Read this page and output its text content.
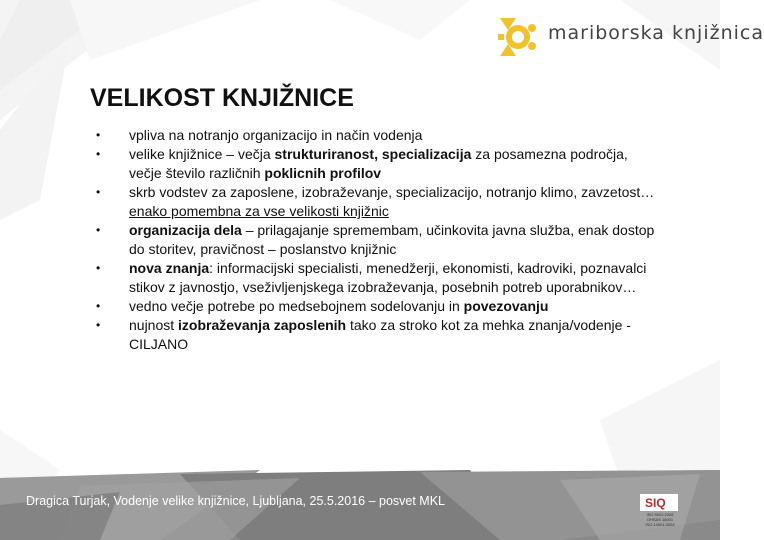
mariborska knjižnica
VELIKOST KNJIŽNICE
• vpliva na notranjo organizacijo in način vodenja
• velike knjižnice – večja strukturiranost, specializacija za posamezna področja, večje število različnih poklicnih profilov
• skrb vodstev za zaposlene, izobraževanje, specializacijo, notranjo klimo, zavzetost… enako pomembna za vse velikosti knjižnic
• organizacija dela – prilagajanje spremembam, učinkovita javna služba, enak dostop do storitev, pravičnost – poslanstvo knjižnic
• nova znanja: informacijski specialisti, menedžerji, ekonomisti, kadroviki, poznavalci stikov z javnostjo, vseživljenjskega izobraževanja, posebnih potreb uporabnikov…
• vedno večje potrebe po medsebojnem sodelovanju in povezovanju
• nujnost izobraževanja zaposlenih tako za stroko kot za mehka znanja/vodenje - CILJANO
Dragica Turjak, Vodenje velike knjižnice, Ljubljana, 25.5.2016 – posvet MKL	SIQ
ISO 9001:2008
OHSAS 18001
ISO 14001:2004
